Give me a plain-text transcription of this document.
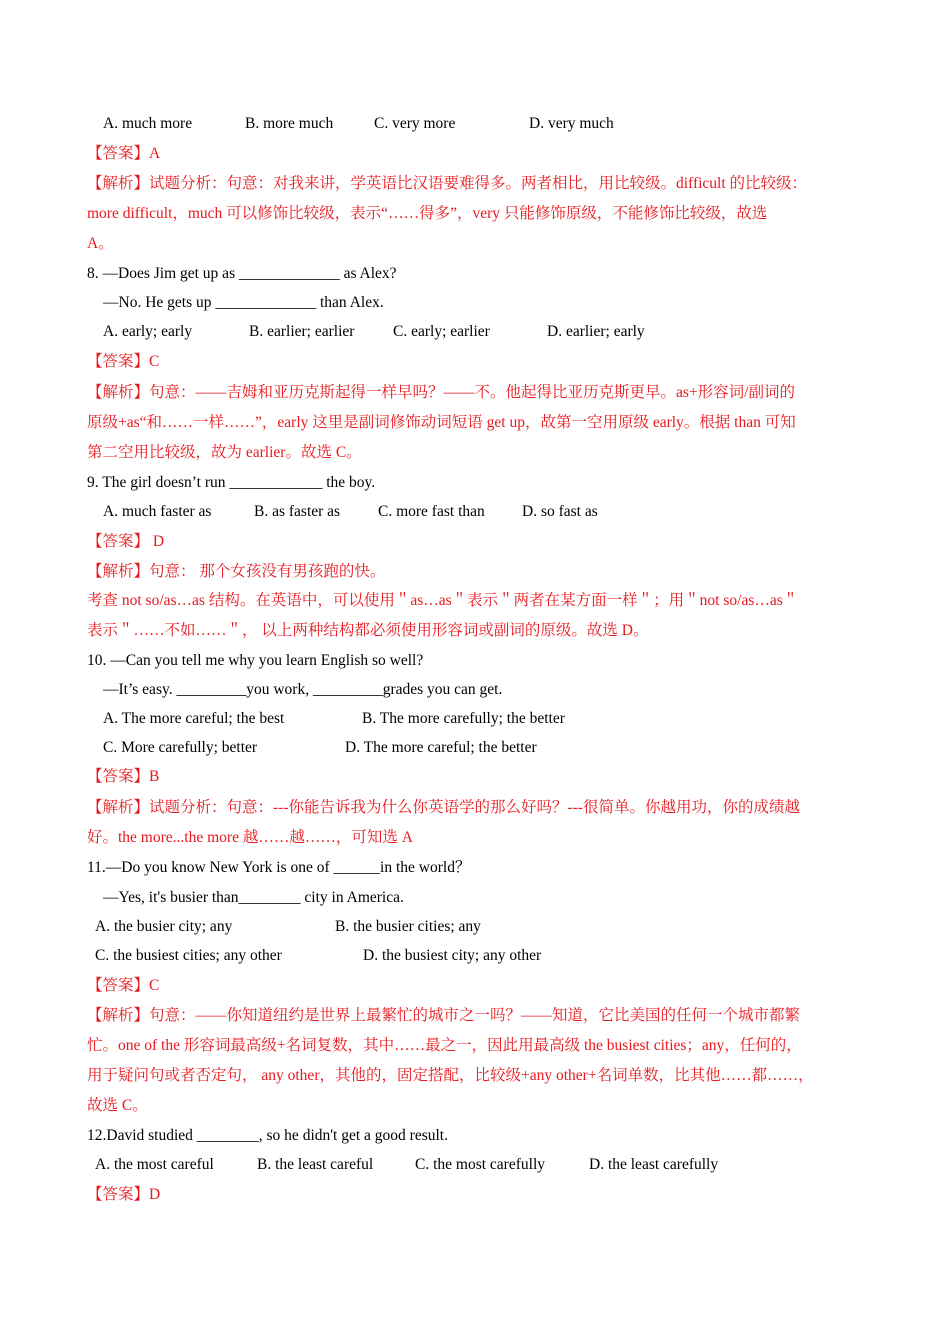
A. much more	B. more much	C. very more	D. very much
【答案】A
【解析】试题分析：句意：对我来讲，学英语比汉语要难得多。两者相比，用比较级。difficult 的比较级：
more difficult，much 可以修饰比较级，表示“……得多”，very 只能修饰原级，不能修饰比较级，故选
A。
8. —Does Jim get up as _____________ as Alex?
—No. He gets up _____________ than Alex.
A. early; early	B. earlier; earlier C. early; earlier	D. earlier; early
【答案】C
【解析】句意：——吉姆和亚历克斯起得一样早吗？——不。他起得比亚历克斯更早。as+形容词/副词的
原级+as“和……一样……”，early 这里是副词修饰动词短语 get up，故第一空用原级 early。根据 than 可知
第二空用比较级，故为 earlier。故选 C。
9. The girl doesn’t run ____________ the boy.
A. much faster as	B. as faster as C. more fast than D. so fast as
【答案】 D
【解析】句意： 那个女孩没有男孩跑的快。
考查 not so/as…as 结构。在英语中，可以使用＂as…as＂表示＂两者在某方面一样＂；用＂not so/as…as＂
表示＂……不如……＂， 以上两种结构都必须使用形容词或副词的原级。故选 D。
10. —Can you tell me why you learn English so well?
—It’s easy. _________you work, _________grades you can get.
A. The more careful; the best	B. The more carefully; the better
C. More carefully; better	D. The more careful; the better
【答案】B
【解析】试题分析：句意：---你能告诉我为什么你英语学的那么好吗？---很简单。你越用功，你的成绩越
好。the more...the more 越……越……，可知选 A
11.—Do you know New York is one of ______in the world？
—Yes, it's busier than________ city in America.
A. the busier city; any	B. the busier cities; any
C. the busiest cities; any other	D. the busiest city; any other
【答案】C
【解析】句意：——你知道纽约是世界上最繁忙的城市之一吗？——知道，它比美国的任何一个城市都繁
忙。one of the 形容词最高级+名词复数，其中……最之一，因此用最高级 the busiest cities；any，任何的，
用于疑问句或者否定句， any other，其他的，固定搭配，比较级+any other+名词单数，比其他……都……，
故选 C。
12.David studied ________, so he didn't get a good result.
A. the most careful	B. the least careful	C. the most carefully	D. the least carefully
【答案】D
